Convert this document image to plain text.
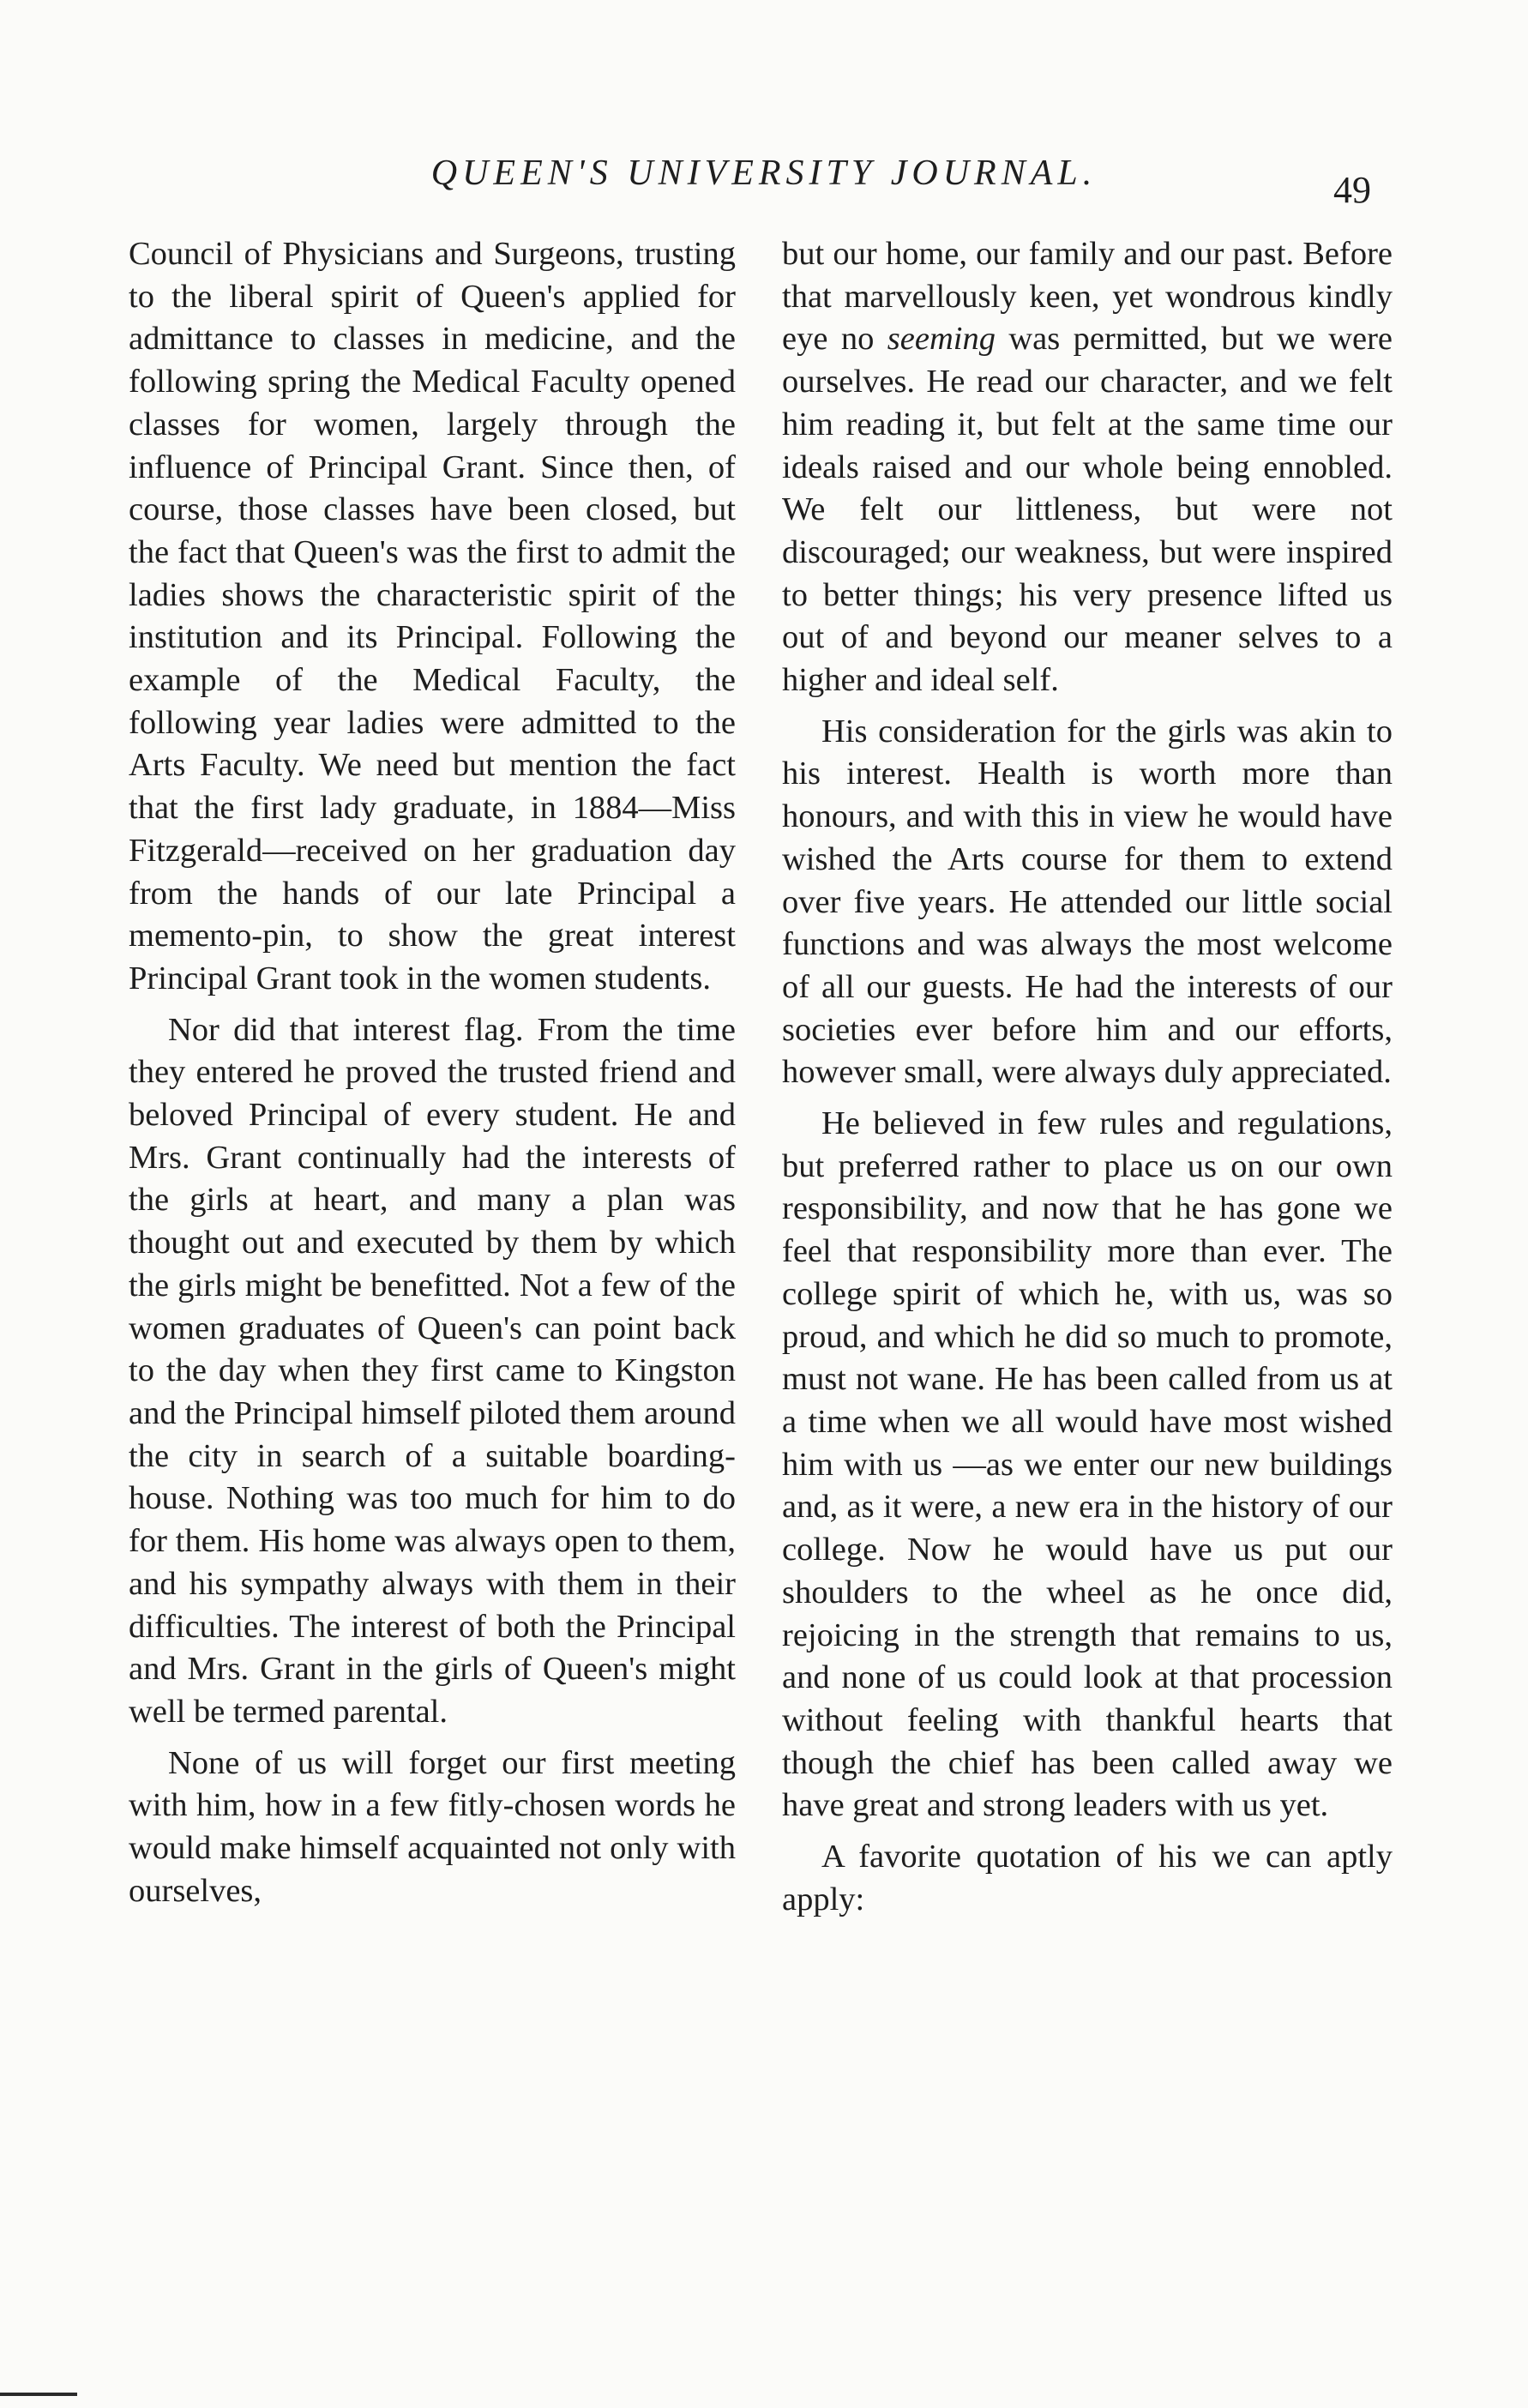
QUEEN'S UNIVERSITY JOURNAL.	49

Council of Physicians and Surgeons, trusting to the liberal spirit of Queen's applied for admittance to classes in medicine, and the following spring the Medical Faculty opened classes for women, largely through the influence of Principal Grant. Since then, of course, those classes have been closed, but the fact that Queen's was the first to admit the ladies shows the characteristic spirit of the institution and its Principal. Following the example of the Medical Faculty, the following year ladies were admitted to the Arts Faculty. We need but mention the fact that the first lady graduate, in 1884—Miss Fitzgerald—received on her graduation day from the hands of our late Principal a memento-pin, to show the great interest Principal Grant took in the women students.

Nor did that interest flag. From the time they entered he proved the trusted friend and beloved Principal of every student. He and Mrs. Grant continually had the interests of the girls at heart, and many a plan was thought out and executed by them by which the girls might be benefitted. Not a few of the women graduates of Queen's can point back to the day when they first came to Kingston and the Principal himself piloted them around the city in search of a suitable boarding-house. Nothing was too much for him to do for them. His home was always open to them, and his sympathy always with them in their difficulties. The interest of both the Principal and Mrs. Grant in the girls of Queen's might well be termed parental.

None of us will forget our first meeting with him, how in a few fitly-chosen words he would make himself acquainted not only with ourselves,

but our home, our family and our past. Before that marvellously keen, yet wondrous kindly eye no seeming was permitted, but we were ourselves. He read our character, and we felt him reading it, but felt at the same time our ideals raised and our whole being ennobled. We felt our littleness, but were not discouraged; our weakness, but were inspired to better things; his very presence lifted us out of and beyond our meaner selves to a higher and ideal self.

His consideration for the girls was akin to his interest. Health is worth more than honours, and with this in view he would have wished the Arts course for them to extend over five years. He attended our little social functions and was always the most welcome of all our guests. He had the interests of our societies ever before him and our efforts, however small, were always duly appreciated.

He believed in few rules and regulations, but preferred rather to place us on our own responsibility, and now that he has gone we feel that responsibility more than ever. The college spirit of which he, with us, was so proud, and which he did so much to promote, must not wane. He has been called from us at a time when we all would have most wished him with us —as we enter our new buildings and, as it were, a new era in the history of our college. Now he would have us put our shoulders to the wheel as he once did, rejoicing in the strength that remains to us, and none of us could look at that procession without feeling with thankful hearts that though the chief has been called away we have great and strong leaders with us yet.

A favorite quotation of his we can aptly apply:
